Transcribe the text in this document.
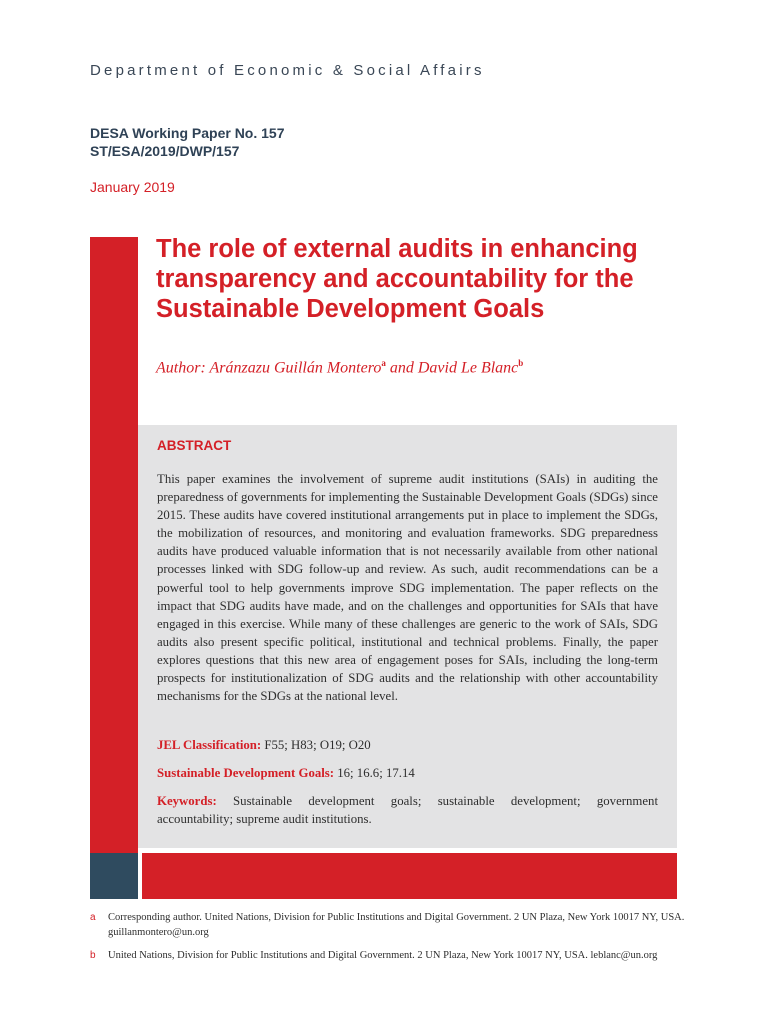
Department of Economic & Social Affairs
DESA Working Paper No. 157
ST/ESA/2019/DWP/157
January 2019
The role of external audits in enhancing transparency and accountability for the Sustainable Development Goals
Author: Aránzazu Guillán Montero$^a$ and David Le Blanc$^b$
ABSTRACT
This paper examines the involvement of supreme audit institutions (SAIs) in auditing the preparedness of governments for implementing the Sustainable Development Goals (SDGs) since 2015. These audits have covered institutional arrangements put in place to implement the SDGs, the mobilization of resources, and monitoring and evaluation frameworks. SDG preparedness audits have produced valuable information that is not necessarily available from other national processes linked with SDG follow-up and review. As such, audit recommendations can be a powerful tool to help governments improve SDG implementation. The paper reflects on the impact that SDG audits have made, and on the challenges and opportunities for SAIs that have engaged in this exercise. While many of these challenges are generic to the work of SAIs, SDG audits also present specific political, institutional and technical problems. Finally, the paper explores questions that this new area of engagement poses for SAIs, including the long-term prospects for institutionalization of SDG audits and the relationship with other accountability mechanisms for the SDGs at the national level.
JEL Classification: F55; H83; O19; O20
Sustainable Development Goals: 16; 16.6; 17.14
Keywords: Sustainable development goals; sustainable development; government accountability; supreme audit institutions.
a Corresponding author. United Nations, Division for Public Institutions and Digital Government. 2 UN Plaza, New York 10017 NY, USA. guillanmontero@un.org
b United Nations, Division for Public Institutions and Digital Government. 2 UN Plaza, New York 10017 NY, USA. leblanc@un.org
